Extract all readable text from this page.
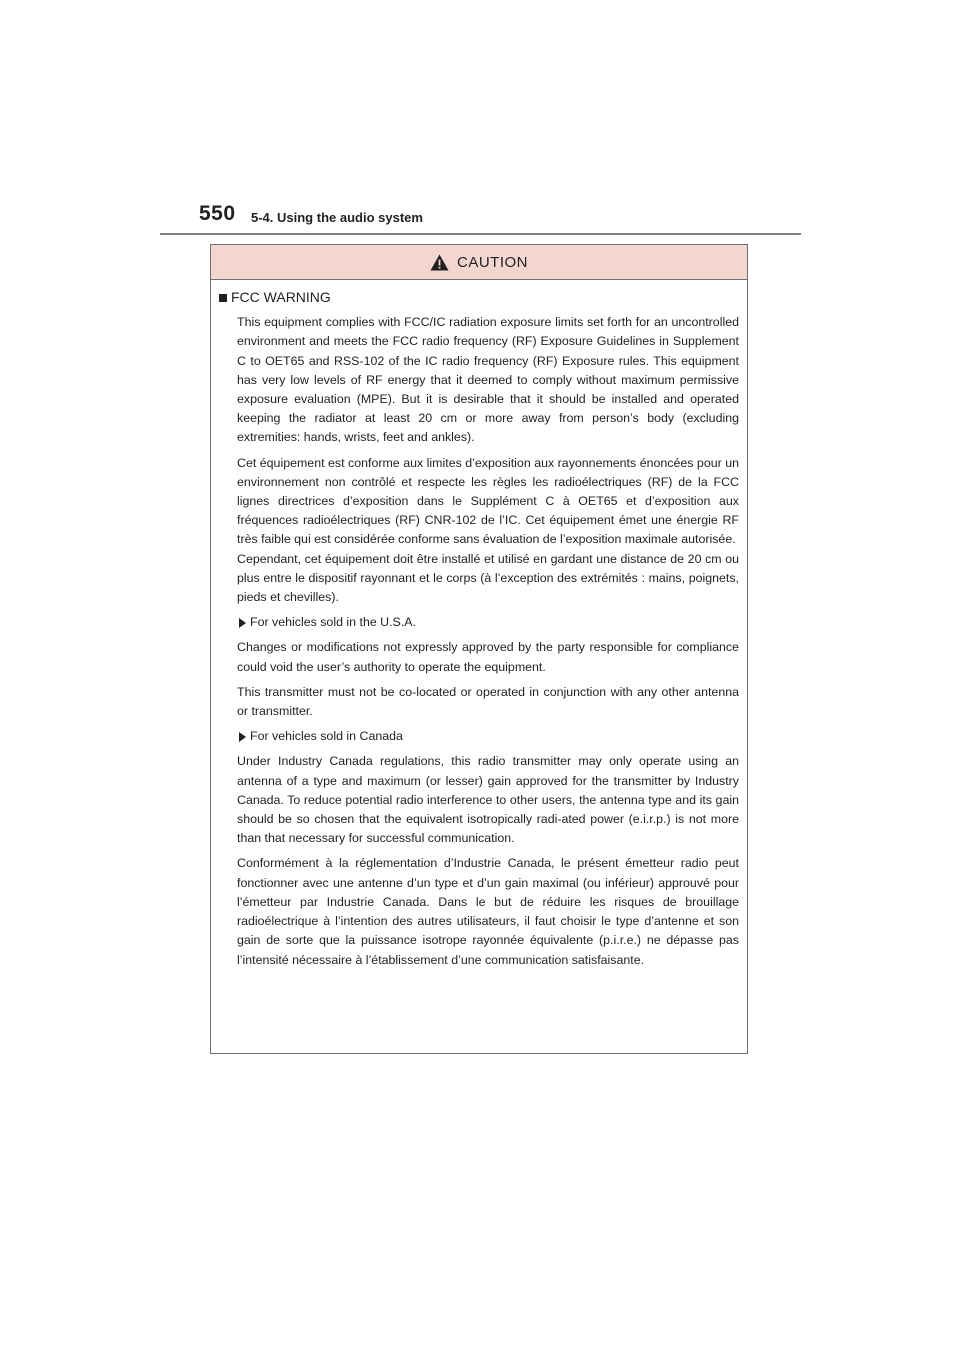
550 5-4. Using the audio system
CAUTION
FCC WARNING

This equipment complies with FCC/IC radiation exposure limits set forth for an uncontrolled environment and meets the FCC radio frequency (RF) Exposure Guidelines in Supplement C to OET65 and RSS-102 of the IC radio frequency (RF) Exposure rules. This equipment has very low levels of RF energy that it deemed to comply without maximum permissive exposure evaluation (MPE). But it is desirable that it should be installed and operated keeping the radiator at least 20 cm or more away from person’s body (excluding extremities: hands, wrists, feet and ankles).

Cet équipement est conforme aux limites d’exposition aux rayonnements énoncées pour un environnement non contrôlé et respecte les règles les radioélectriques (RF) de la FCC lignes directrices d’exposition dans le Supplément C à OET65 et d’exposition aux fréquences radioélectriques (RF) CNR-102 de l’IC. Cet équipement émet une énergie RF très faible qui est considérée conforme sans évaluation de l’exposition maximale autorisée.

Cependant, cet équipement doit être installé et utilisé en gardant une distance de 20 cm ou plus entre le dispositif rayonnant et le corps (à l’exception des extrémités : mains, poignets, pieds et chevilles).

For vehicles sold in the U.S.A.

Changes or modifications not expressly approved by the party responsible for compliance could void the user’s authority to operate the equipment.

This transmitter must not be co-located or operated in conjunction with any other antenna or transmitter.

For vehicles sold in Canada

Under Industry Canada regulations, this radio transmitter may only operate using an antenna of a type and maximum (or lesser) gain approved for the transmitter by Industry Canada. To reduce potential radio interference to other users, the antenna type and its gain should be so chosen that the equivalent isotropically radi-ated power (e.i.r.p.) is not more than that necessary for successful communication.

Conformément à la réglementation d’Industrie Canada, le présent émetteur radio peut fonctionner avec une antenne d’un type et d’un gain maximal (ou inférieur) approuvé pour l’émetteur par Industrie Canada. Dans le but de réduire les risques de brouillage radioélectrique à l’intention des autres utilisateurs, il faut choisir le type d’antenne et son gain de sorte que la puissance isotrope rayonnée équivalente (p.i.r.e.) ne dépasse pas l’intensité nécessaire à l’établissement d’une communication satisfaisante.
